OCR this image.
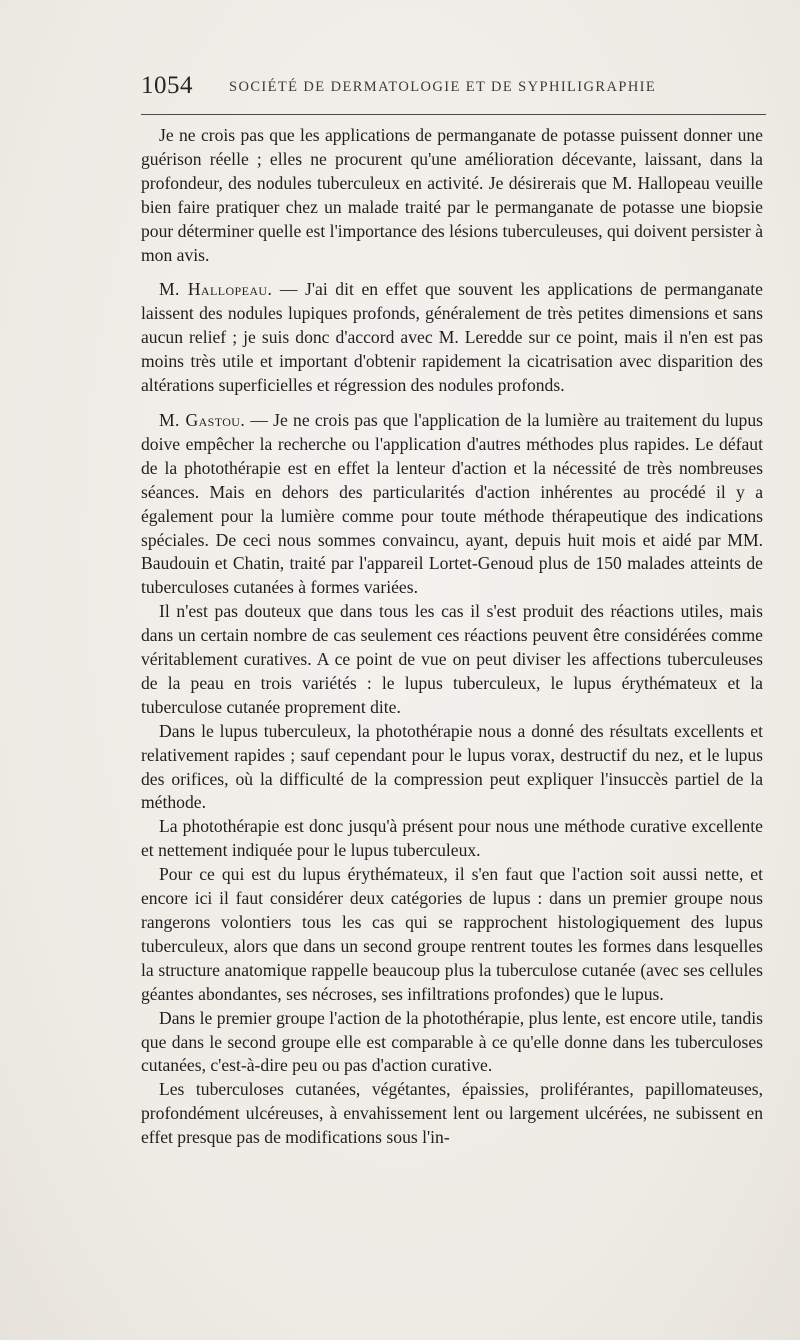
1054 SOCIÉTÉ DE DERMATOLOGIE ET DE SYPHILIGRAPHIE

Je ne crois pas que les applications de permanganate de potasse puissent donner une guérison réelle ; elles ne procurent qu'une amélioration décevante, laissant, dans la profondeur, des nodules tuberculeux en activité. Je désirerais que M. Hallopeau veuille bien faire pratiquer chez un malade traité par le permanganate de potasse une biopsie pour déterminer quelle est l'importance des lésions tuberculeuses, qui doivent persister à mon avis.

M. Hallopeau. — J'ai dit en effet que souvent les applications de permanganate laissent des nodules lupiques profonds, généralement de très petites dimensions et sans aucun relief ; je suis donc d'accord avec M. Leredde sur ce point, mais il n'en est pas moins très utile et important d'obtenir rapidement la cicatrisation avec disparition des altérations superficielles et régression des nodules profonds.

M. Gastou. — Je ne crois pas que l'application de la lumière au traitement du lupus doive empêcher la recherche ou l'application d'autres méthodes plus rapides. Le défaut de la photothérapie est en effet la lenteur d'action et la nécessité de très nombreuses séances. Mais en dehors des particularités d'action inhérentes au procédé il y a également pour la lumière comme pour toute méthode thérapeutique des indications spéciales. De ceci nous sommes convaincu, ayant, depuis huit mois et aidé par MM. Baudouin et Chatin, traité par l'appareil Lortet-Genoud plus de 150 malades atteints de tuberculoses cutanées à formes variées.

Il n'est pas douteux que dans tous les cas il s'est produit des réactions utiles, mais dans un certain nombre de cas seulement ces réactions peuvent être considérées comme véritablement curatives. A ce point de vue on peut diviser les affections tuberculeuses de la peau en trois variétés : le lupus tuberculeux, le lupus érythémateux et la tuberculose cutanée proprement dite.

Dans le lupus tuberculeux, la photothérapie nous a donné des résultats excellents et relativement rapides ; sauf cependant pour le lupus vorax, destructif du nez, et le lupus des orifices, où la difficulté de la compression peut expliquer l'insuccès partiel de la méthode.

La photothérapie est donc jusqu'à présent pour nous une méthode curative excellente et nettement indiquée pour le lupus tuberculeux.

Pour ce qui est du lupus érythémateux, il s'en faut que l'action soit aussi nette, et encore ici il faut considérer deux catégories de lupus : dans un premier groupe nous rangerons volontiers tous les cas qui se rapprochent histologiquement des lupus tuberculeux, alors que dans un second groupe rentrent toutes les formes dans lesquelles la structure anatomique rappelle beaucoup plus la tuberculose cutanée (avec ses cellules géantes abondantes, ses nécroses, ses infiltrations profondes) que le lupus.

Dans le premier groupe l'action de la photothérapie, plus lente, est encore utile, tandis que dans le second groupe elle est comparable à ce qu'elle donne dans les tuberculoses cutanées, c'est-à-dire peu ou pas d'action curative.

Les tuberculoses cutanées, végétantes, épaissies, proliférantes, papillomateuses, profondément ulcéreuses, à envahissement lent ou largement ulcérées, ne subissent en effet presque pas de modifications sous l'in-
